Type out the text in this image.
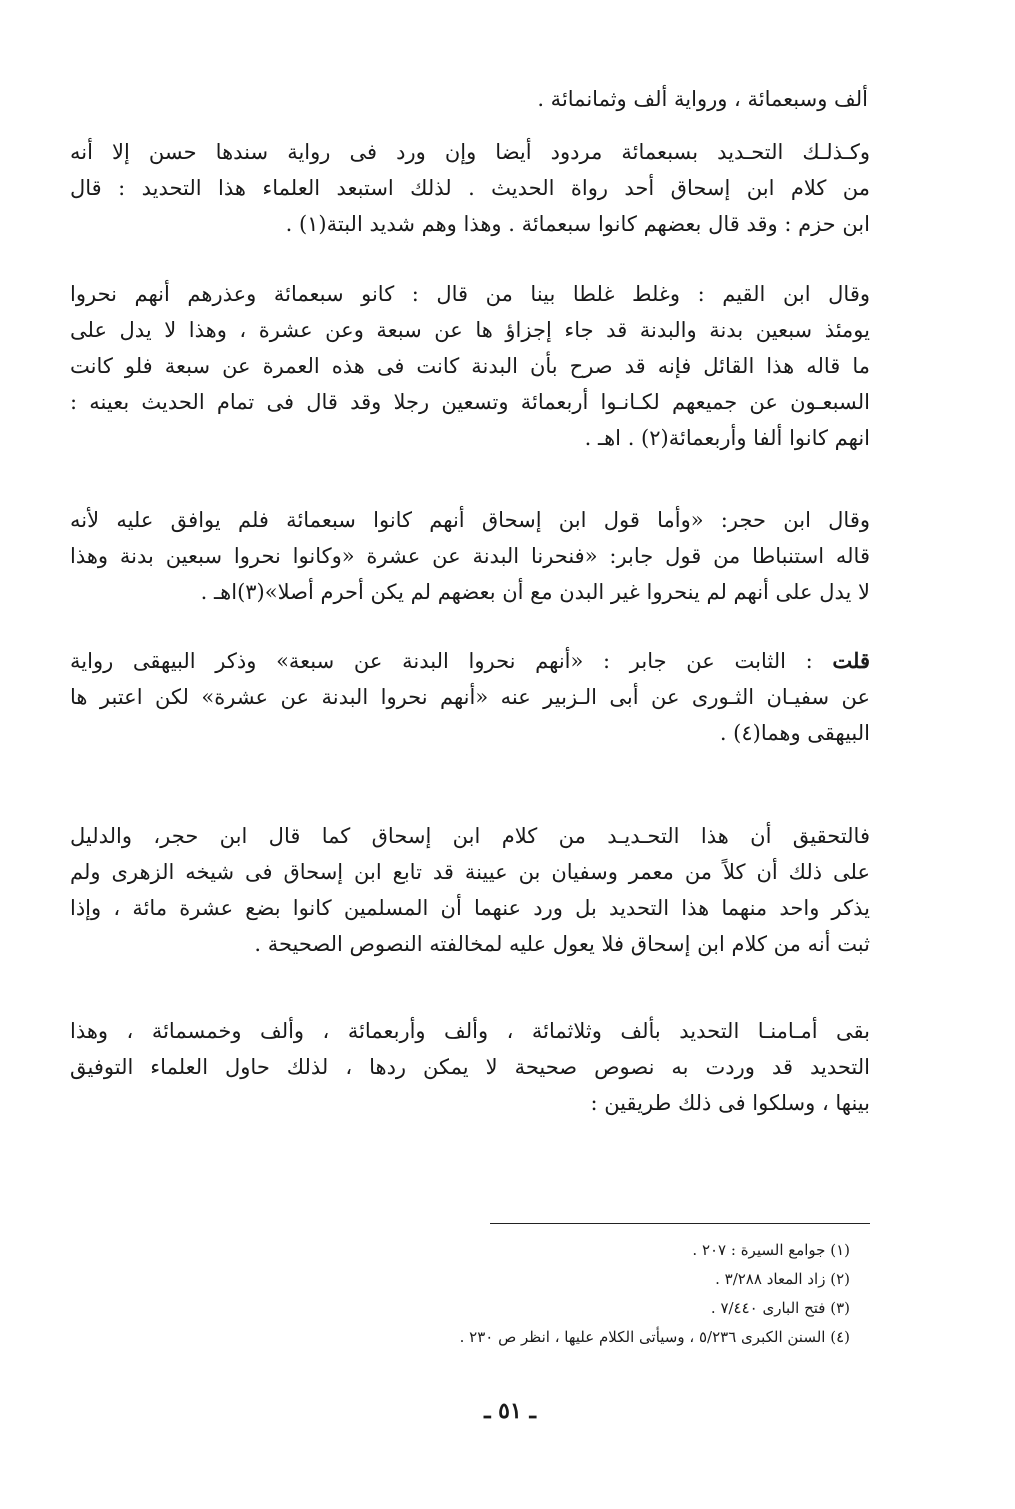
ألف وسبعمائة ، ورواية ألف وثمانمائة .
وكـذلـك التحـديد بسبعمائة مردود أيضا وإن ورد فى رواية سندها حسن إلا أنه
من كلام ابن إسحاق أحد رواة الحديث . لذلك استبعد العلماء هذا التحديد : قال
ابن حزم : وقد قال بعضهم كانوا سبعمائة . وهذا وهم شديد البتة(١) .
وقال ابن القيم : وغلط غلطا بينا من قال : كانو سبعمائة وعذرهم أنهم نحروا
يومئذ سبعين بدنة والبدنة قد جاء إجزاؤ ها عن سبعة وعن عشرة ، وهذا لا يدل على
ما قاله هذا القائل فإنه قد صرح بأن البدنة كانت فى هذه العمرة عن سبعة فلو كانت
السبعـون عن جميعهم لكـانـوا أربعمائة وتسعين رجلا وقد قال فى تمام الحديث بعينه :
انهم كانوا ألفا وأربعمائة(٢) . اهـ .
وقال ابن حجر: «وأما قول ابن إسحاق أنهم كانوا سبعمائة فلم يوافق عليه لأنه
قاله استنباطا من قول جابر: «فنحرنا البدنة عن عشرة «وكانوا نحروا سبعين بدنة وهذا
لا يدل على أنهم لم ينحروا غير البدن مع أن بعضهم لم يكن أحرم أصلا»(٣)اهـ .
قلت : الثابت عن جابر : «أنهم نحروا البدنة عن سبعة» وذكر البيهقى رواية
عن سفيـان الثـورى عن أبى الـزبير عنه «أنهم نحروا البدنة عن عشرة» لكن اعتبر ها
البيهقى وهما(٤) .
فالتحقيق أن هذا التحـديـد من كلام ابن إسحاق كما قال ابن حجر، والدليل
على ذلك أن كلاً من معمر وسفيان بن عيينة قد تابع ابن إسحاق فى شيخه الزهرى ولم
يذكر واحد منهما هذا التحديد بل ورد عنهما أن المسلمين كانوا بضع عشرة مائة ، وإذا
ثبت أنه من كلام ابن إسحاق فلا يعول عليه لمخالفته النصوص الصحيحة .
بقى أمـامنـا التحديد بألف وثلاثمائة ، وألف وأربعمائة ، وألف وخمسمائة ، وهذا
التحديد قد وردت به نصوص صحيحة لا يمكن ردها ، لذلك حاول العلماء التوفيق
بينها ، وسلكوا فى ذلك طريقين :
(١) جوامع السيرة : ٢٠٧ .
(٢) زاد المعاد ٣/٢٨٨ .
(٣) فتح البارى ٧/٤٤٠ .
(٤) السنن الكبرى ٥/٢٣٦ ، وسيأتى الكلام عليها ، انظر ص ٢٣٠ .
ـ ٥١ ـ
